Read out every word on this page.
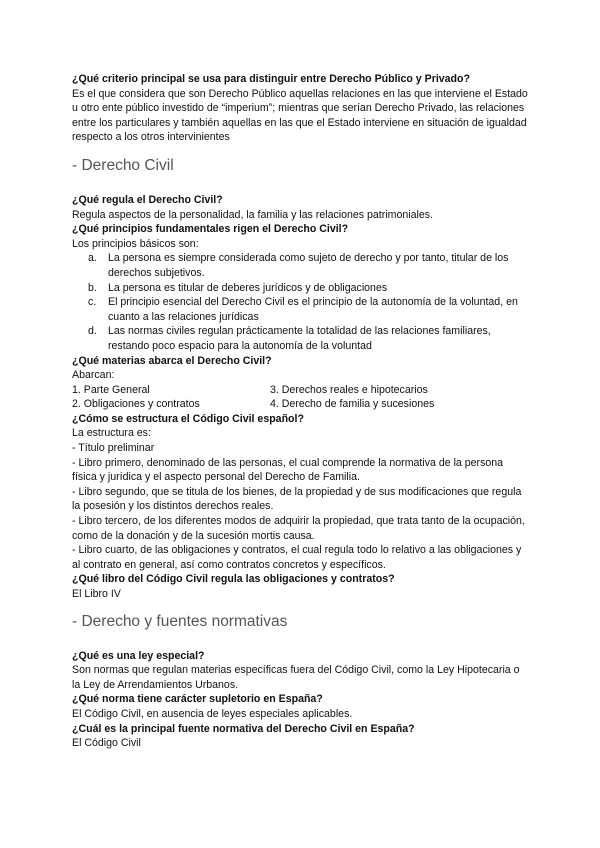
¿Qué criterio principal se usa para distinguir entre Derecho Público y Privado?

Es el que considera que son Derecho Público aquellas relaciones en las que interviene el Estado u otro ente público investido de “imperium”; mientras que serían Derecho Privado, las relaciones entre los particulares y también aquellas en las que el Estado interviene en situación de igualdad respecto a los otros intervinientes

- Derecho Civil

¿Qué regula el Derecho Civil?

Regula aspectos de la personalidad, la familia y las relaciones patrimoniales.

¿Qué principios fundamentales rigen el Derecho Civil?

Los principios básicos son:

a. La persona es siempre considerada como sujeto de derecho y por tanto, titular de los derechos subjetivos.
b. La persona es titular de deberes jurídicos y de obligaciones
c. El principio esencial del Derecho Civil es el principio de la autonomía de la voluntad, en cuanto a las relaciones jurídicas
d. Las normas civiles regulan prácticamente la totalidad de las relaciones familiares, restando poco espacio para la autonomía de la voluntad

¿Qué materias abarca el Derecho Civil?

Abarcan:

1. Parte General	3. Derechos reales e hipotecarios
2. Obligaciones y contratos	4. Derecho de familia y sucesiones

¿Cómo se estructura el Código Civil español?

La estructura es:

- Título preliminar

- Libro primero, denominado de las personas, el cual comprende la normativa de la persona física y jurídica y el aspecto personal del Derecho de Familia.

- Libro segundo, que se titula de los bienes, de la propiedad y de sus modificaciones que regula la posesión y los distintos derechos reales.

- Libro tercero, de los diferentes modos de adquirir la propiedad, que trata tanto de la ocupación, como de la donación y de la sucesión mortis causa.

- Libro cuarto, de las obligaciones y contratos, el cual regula todo lo relativo a las obligaciones y al contrato en general, así como contratos concretos y específicos.

¿Qué libro del Código Civil regula las obligaciones y contratos?

El Libro IV

- Derecho y fuentes normativas

¿Qué es una ley especial?

Son normas que regulan materias específicas fuera del Código Civil, como la Ley Hipotecaria o la Ley de Arrendamientos Urbanos.

¿Qué norma tiene carácter supletorio en España?

El Código Civil, en ausencia de leyes especiales aplicables.

¿Cuál es la principal fuente normativa del Derecho Civil en España?

El Código Civil
